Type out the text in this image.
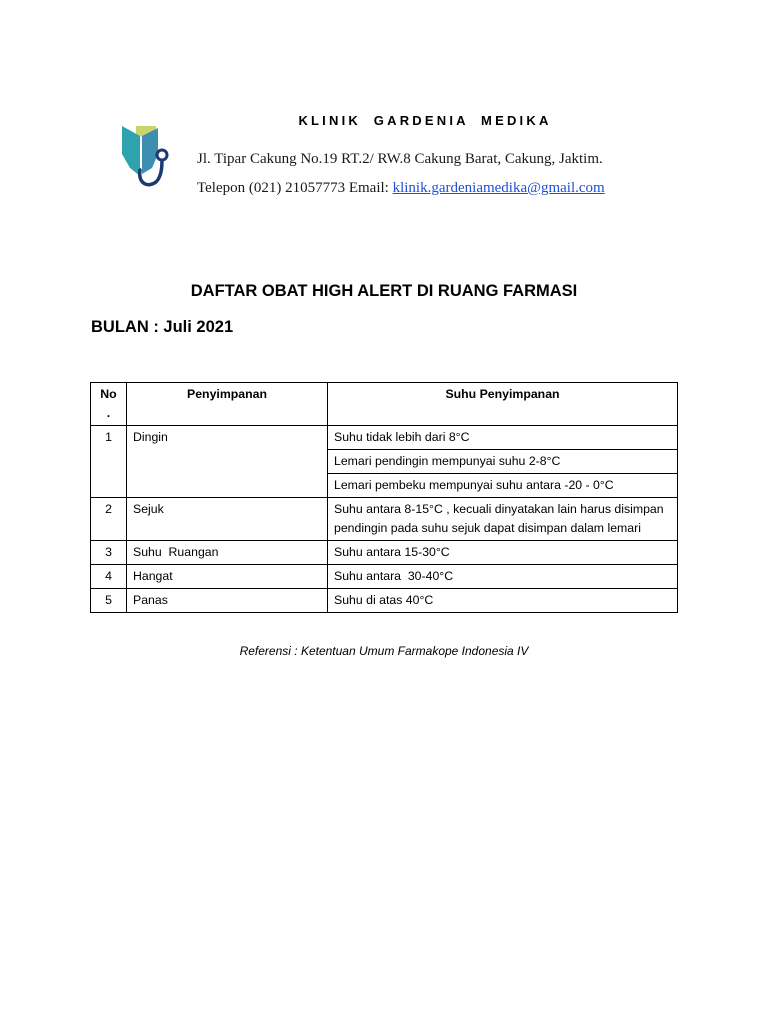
KLINIK GARDENIA MEDIKA
Jl. Tipar Cakung No.19 RT.2/ RW.8 Cakung Barat, Cakung, Jaktim.
Telepon (021) 21057773 Email: klinik.gardeniamedika@gmail.com
DAFTAR OBAT HIGH ALERT DI RUANG FARMASI
BULAN : Juli 2021
No .	Penyimpanan	Suhu Penyimpanan
1	Dingin	Suhu tidak lebih dari 8°C
		Lemari pendingin mempunyai suhu 2-8°C
		Lemari pembeku mempunyai suhu antara -20 - 0°C
2	Sejuk	Suhu antara 8-15°C , kecuali dinyatakan lain harus disimpan pendingin pada suhu sejuk dapat disimpan dalam lemari
3	Suhu  Ruangan	Suhu antara 15-30°C
4	Hangat	Suhu antara  30-40°C
5	Panas	Suhu di atas 40°C
Referensi : Ketentuan Umum Farmakope Indonesia IV
